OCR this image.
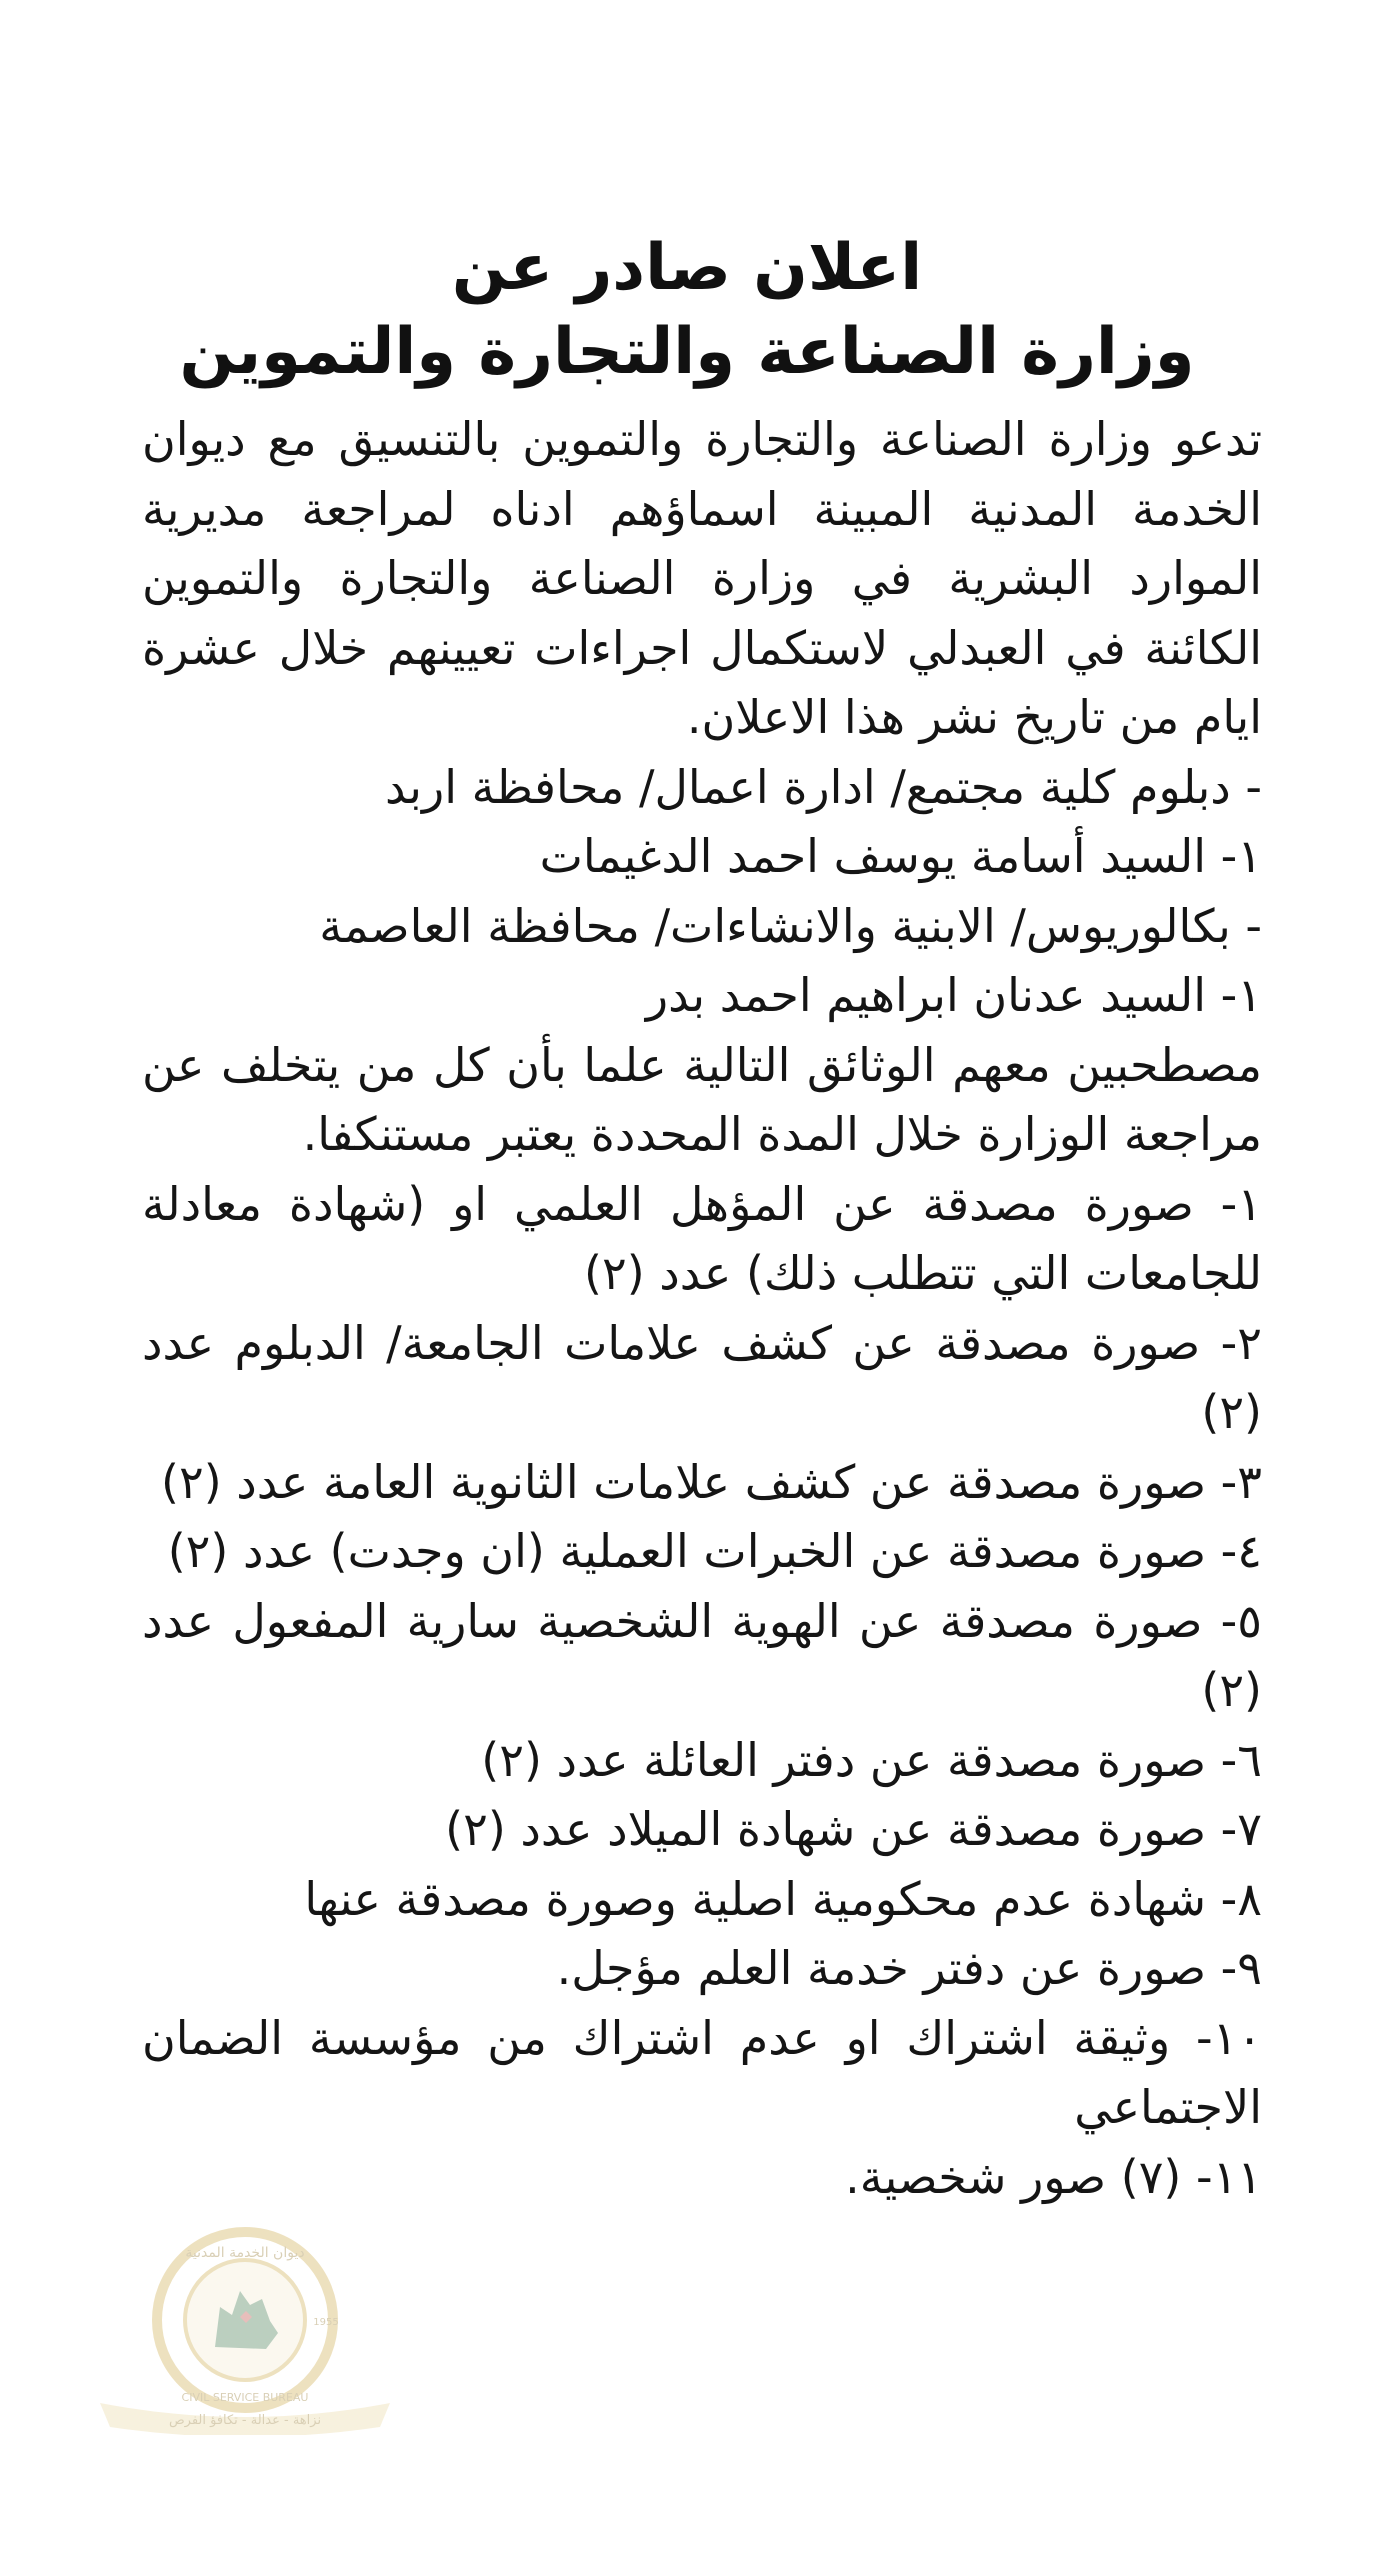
اعلان صادر عن
وزارة الصناعة والتجارة والتموين
تدعو وزارة الصناعة والتجارة والتموين بالتنسيق مع ديوان الخدمة المدنية المبينة اسماؤهم ادناه لمراجعة مديرية الموارد البشرية في وزارة الصناعة والتجارة والتموين الكائنة في العبدلي لاستكمال اجراءات تعيينهم خلال عشرة ايام من تاريخ نشر هذا الاعلان.
- دبلوم كلية مجتمع/ ادارة اعمال/ محافظة اربد
١- السيد أسامة يوسف احمد الدغيمات
- بكالوريوس/ الابنية والانشاءات/ محافظة العاصمة
١- السيد عدنان ابراهيم احمد بدر
مصطحبين معهم الوثائق التالية علما بأن كل من يتخلف عن مراجعة الوزارة خلال المدة المحددة يعتبر مستنكفا.
١- صورة مصدقة عن المؤهل العلمي او (شهادة معادلة للجامعات التي تتطلب ذلك) عدد (٢)
٢- صورة مصدقة عن كشف علامات الجامعة/ الدبلوم عدد (٢)
٣- صورة مصدقة عن كشف علامات الثانوية العامة عدد (٢)
٤- صورة مصدقة عن الخبرات العملية (ان وجدت) عدد (٢)
٥- صورة مصدقة عن الهوية الشخصية سارية المفعول عدد (٢)
٦- صورة مصدقة عن دفتر العائلة عدد (٢)
٧- صورة مصدقة عن شهادة الميلاد عدد (٢)
٨- شهادة عدم محكومية اصلية وصورة مصدقة عنها
٩- صورة عن دفتر خدمة العلم مؤجل.
١٠- وثيقة اشتراك او عدم اشتراك من مؤسسة الضمان الاجتماعي
١١- (٧) صور شخصية.
ديوان الخدمة المدنية
CIVIL SERVICE BUREAU
1955
نزاهة - عدالة - تكافؤ الفرص
